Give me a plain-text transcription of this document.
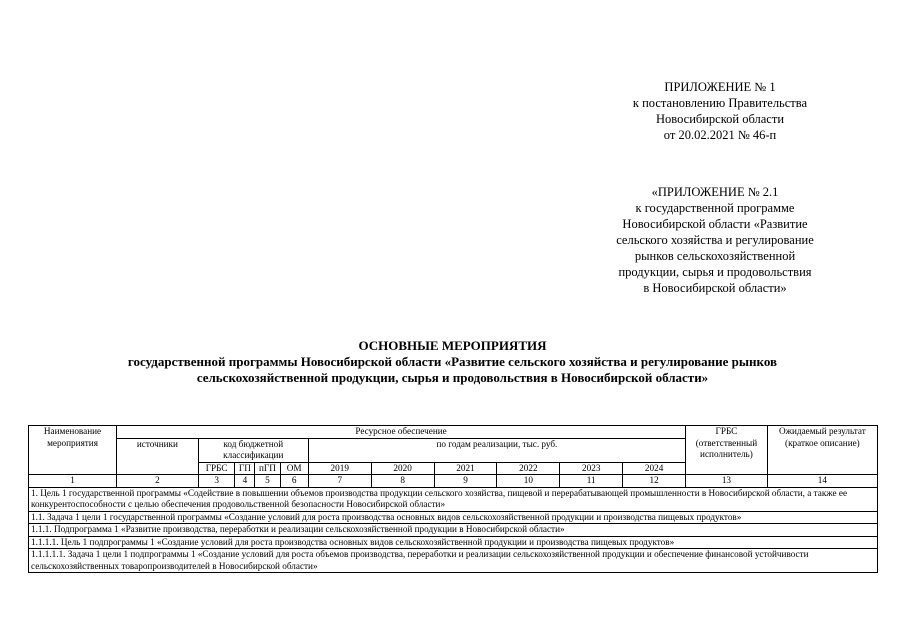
ПРИЛОЖЕНИЕ № 1
к постановлению Правительства
Новосибирской области
от 20.02.2021 № 46-п
«ПРИЛОЖЕНИЕ № 2.1
к государственной программе
Новосибирской области «Развитие
сельского хозяйства и регулирование
рынков сельскохозяйственной
продукции, сырья и продовольствия
в Новосибирской области»
ОСНОВНЫЕ МЕРОПРИЯТИЯ
государственной программы Новосибирской области «Развитие сельского хозяйства и регулирование рынков
сельскохозяйственной продукции, сырья и продовольствия в Новосибирской области»
Наименование мероприятия	Ресурсное обеспечение											ГРБС (ответственный исполнитель)	Ожидаемый результат (краткое описание)
	источники	код бюджетной классификации				по годам реализации, тыс. руб.							
		ГРБС	ГП	пГП	ОМ	2019	2020	2021	2022	2023	2024		
1	2	3	4	5	6	7	8	9	10	11	12	13	14
1. Цель 1 государственной программы «Содействие в повышении объемов производства продукции сельского хозяйства, пищевой и перерабатывающей промышленности в Новосибирской области, а также ее конкурентоспособности с целью обеспечения продовольственной безопасности Новосибирской области»													
1.1. Задача 1 цели 1 государственной программы «Создание условий для роста производства основных видов сельскохозяйственной продукции и производства пищевых продуктов»													
1.1.1. Подпрограмма 1 «Развитие производства, переработки и реализации сельскохозяйственной продукции в Новосибирской области»													
1.1.1.1. Цель 1 подпрограммы 1 «Создание условий для роста производства основных видов сельскохозяйственной продукции и производства пищевых продуктов»													
1.1.1.1.1. Задача 1 цели 1 подпрограммы 1 «Создание условий для роста объемов производства, переработки и реализации сельскохозяйственной продукции и обеспечение финансовой устойчивости сельскохозяйственных товаропроизводителей в Новосибирской области»													
